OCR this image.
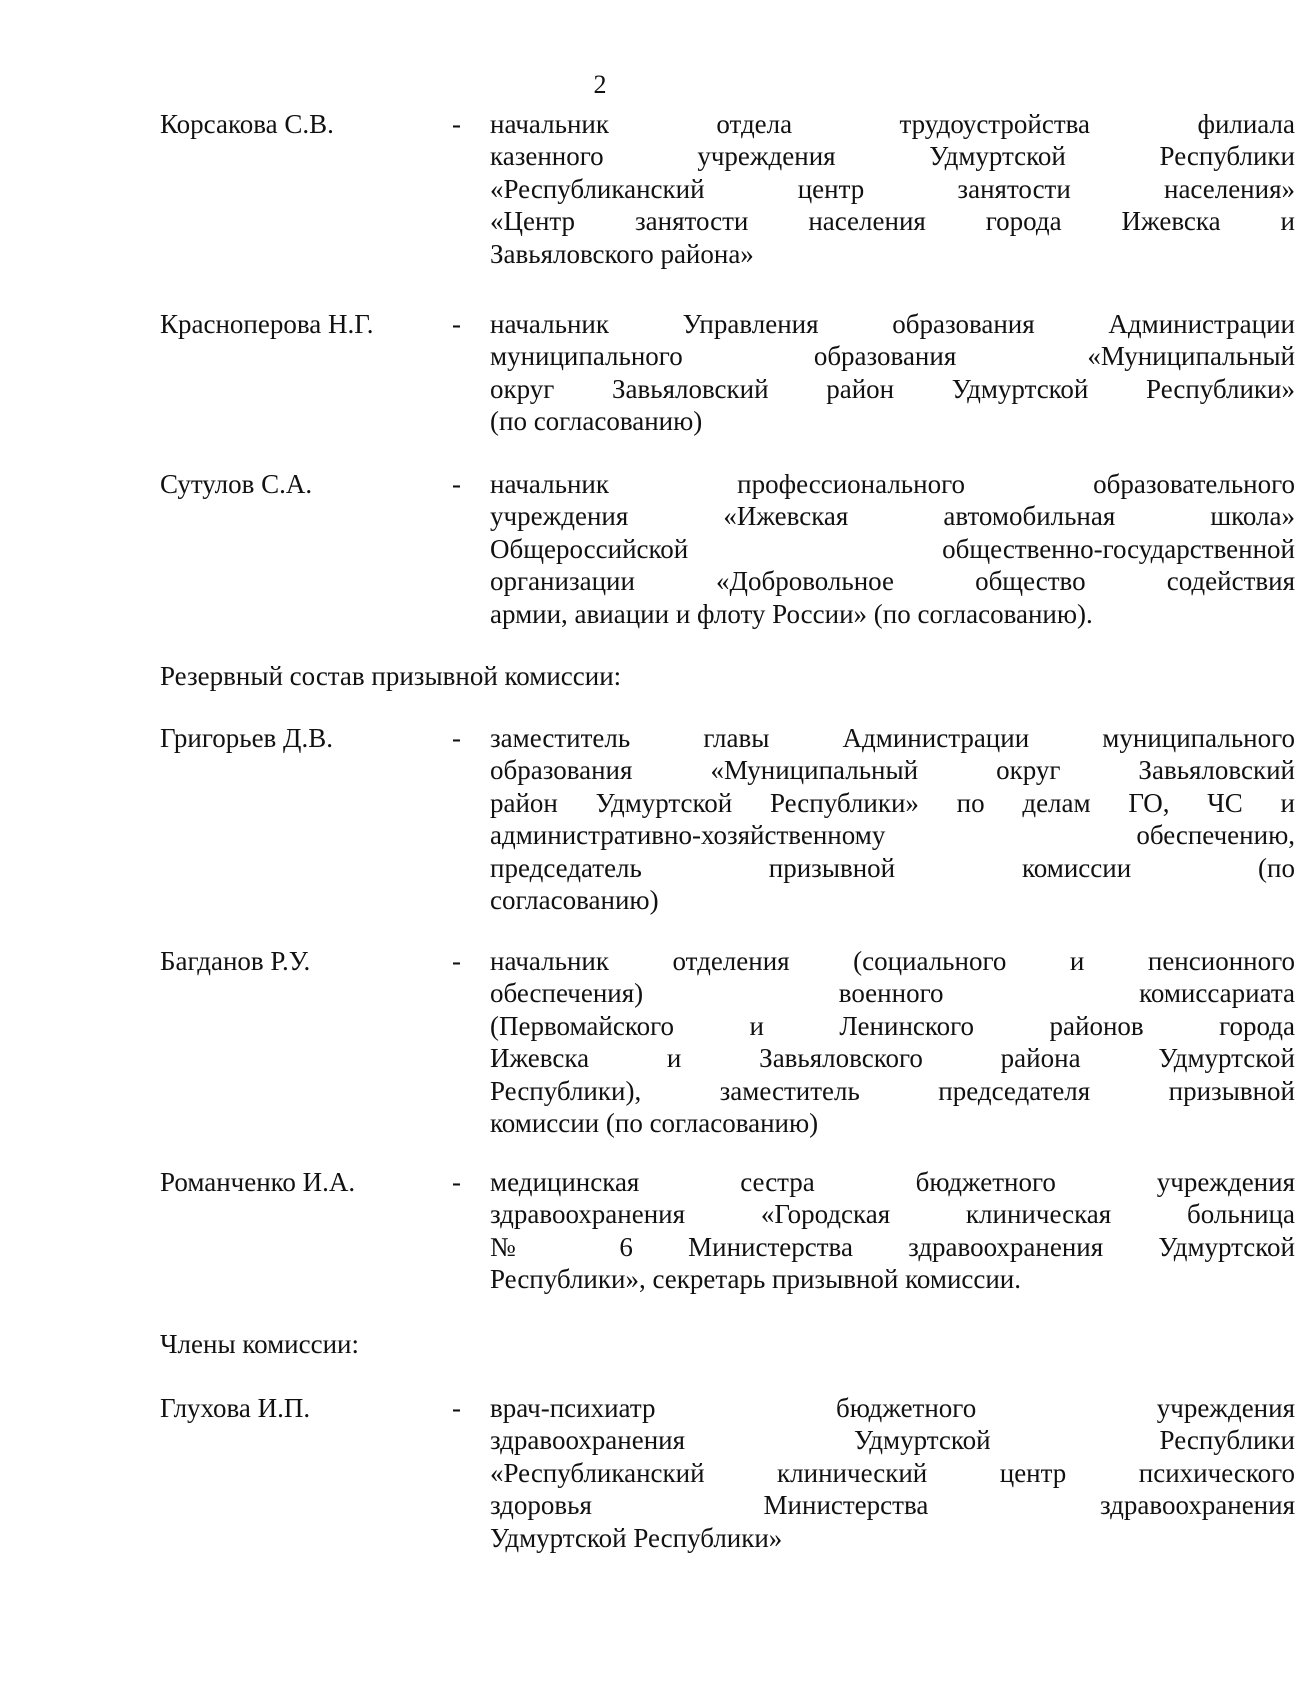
2
Корсакова С.В.	- начальник отдела трудоустройства филиала
казенного учреждения Удмуртской Республики
«Республиканский центр занятости населения»
«Центр занятости населения города Ижевска и
Завьяловского района»
Красноперова Н.Г.	- начальник Управления образования Администрации
муниципального образования «Муниципальный
округ Завьяловский район Удмуртской Республики»
(по согласованию)
Сутулов С.А.	- начальник профессионального образовательного
учреждения «Ижевская автомобильная школа»
Общероссийской общественно-государственной
организации «Добровольное общество содействия
армии, авиации и флоту России» (по согласованию).
Резервный состав призывной комиссии:
Григорьев Д.В.	- заместитель главы Администрации муниципального
образования «Муниципальный округ Завьяловский
район Удмуртской Республики» по делам ГО, ЧС и
административно-хозяйственному обеспечению,
председатель призывной комиссии (по
согласованию)
Багданов Р.У.	- начальник отделения (социального и пенсионного
обеспечения) военного комиссариата
(Первомайского и Ленинского районов города
Ижевска и Завьяловского района Удмуртской
Республики), заместитель председателя призывной
комиссии (по согласованию)
Романченко И.А.	- медицинская сестра бюджетного учреждения
здравоохранения «Городская клиническая больница
№ 6 Министерства здравоохранения Удмуртской
Республики», секретарь призывной комиссии.
Члены комиссии:
Глухова И.П.	- врач-психиатр бюджетного учреждения
здравоохранения Удмуртской Республики
«Республиканский клинический центр психического
здоровья Министерства здравоохранения
Удмуртской Республики»
